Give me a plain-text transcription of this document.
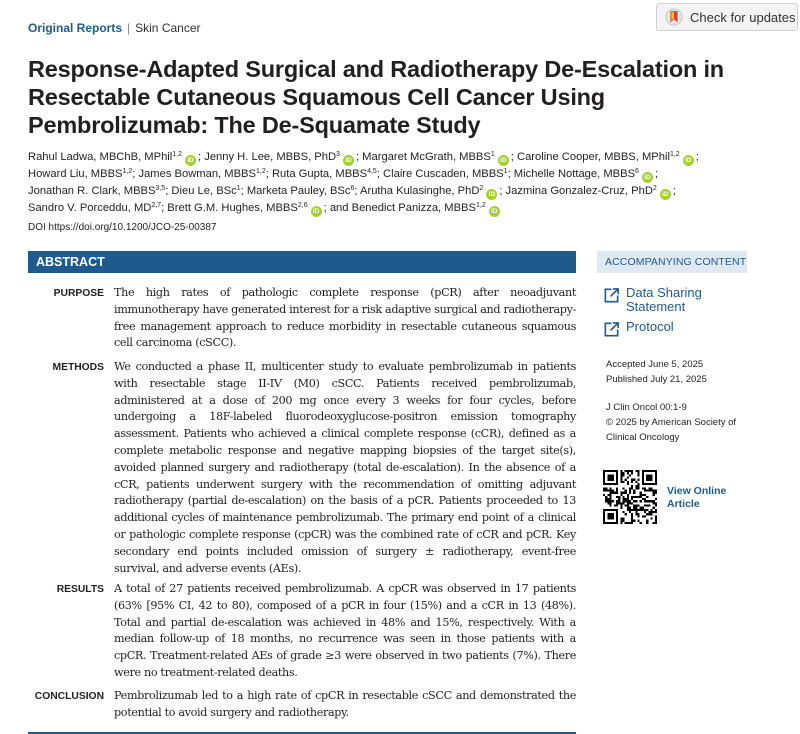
Original Reports | Skin Cancer
Check for updates
Response-Adapted Surgical and Radiotherapy De-Escalation in Resectable Cutaneous Squamous Cell Cancer Using Pembrolizumab: The De-Squamate Study
Rahul Ladwa, MBChB, MPhil$^{1,2}$iD ; Jenny H. Lee, MBBS, PhD$^3$iD ; Margaret McGrath, MBBS$^1$iD ; Caroline Cooper, MBBS, MPhil$^{1,2}$iD ; Howard Liu, MBBS$^{1,2}$; James Bowman, MBBS$^{1,2}$; Ruta Gupta, MBBS$^{4,5}$; Claire Cuscaden, MBBS$^1$; Michelle Nottage, MBBS$^6$iD ; Jonathan R. Clark, MBBS$^{3,5}$; Dieu Le, BSc$^1$; Marketa Pauley, BSc$^6$; Arutha Kulasinghe, PhD$^2$iD ; Jazmina Gonzalez-Cruz, PhD$^2$iD ; Sandro V. Porceddu, MD$^{2,7}$; Brett G.M. Hughes, MBBS$^{2,6}$iD ; and Benedict Panizza, MBBS$^{1,2}$iD
DOI https://doi.org/10.1200/JCO-25-00387
ABSTRACT
PURPOSE The high rates of pathologic complete response (pCR) after neoadjuvant immunotherapy have generated interest for a risk adaptive surgical and radiotherapy-free management approach to reduce morbidity in resectable cutaneous squamous cell carcinoma (cSCC).

METHODS We conducted a phase II, multicenter study to evaluate pembrolizumab in patients with resectable stage II-IV (M0) cSCC. Patients received pembrolizumab, administered at a dose of 200 mg once every 3 weeks for four cycles, before undergoing a 18F-labeled fluorodeoxyglucose-positron emission tomography assessment. Patients who achieved a clinical complete response (cCR), defined as a complete metabolic response and negative mapping biopsies of the target site(s), avoided planned surgery and radiotherapy (total de-escalation). In the absence of a cCR, patients underwent surgery with the recommendation of omitting adjuvant radiotherapy (partial de-escalation) on the basis of a pCR. Patients proceeded to 13 additional cycles of maintenance pembrolizumab. The primary end point of a clinical or pathologic complete response (cpCR) was the combined rate of cCR and pCR. Key secondary end points included omission of surgery ± radiotherapy, event-free survival, and adverse events (AEs).

RESULTS A total of 27 patients received pembrolizumab. A cpCR was observed in 17 patients (63% [95% CI, 42 to 80), composed of a pCR in four (15%) and a cCR in 13 (48%). Total and partial de-escalation was achieved in 48% and 15%, respectively. With a median follow-up of 18 months, no recurrence was seen in those patients with a cpCR. Treatment-related AEs of grade ≥3 were observed in two patients (7%). There were no treatment-related deaths.

CONCLUSION Pembrolizumab led to a high rate of cpCR in resectable cSCC and demonstrated the potential to avoid surgery and radiotherapy.

ACCOMPANYING CONTENT
Data Sharing Statement
Protocol
Accepted June 5, 2025
Published July 21, 2025
J Clin Oncol 00:1-9
© 2025 by American Society of Clinical Oncology
View Online Article
